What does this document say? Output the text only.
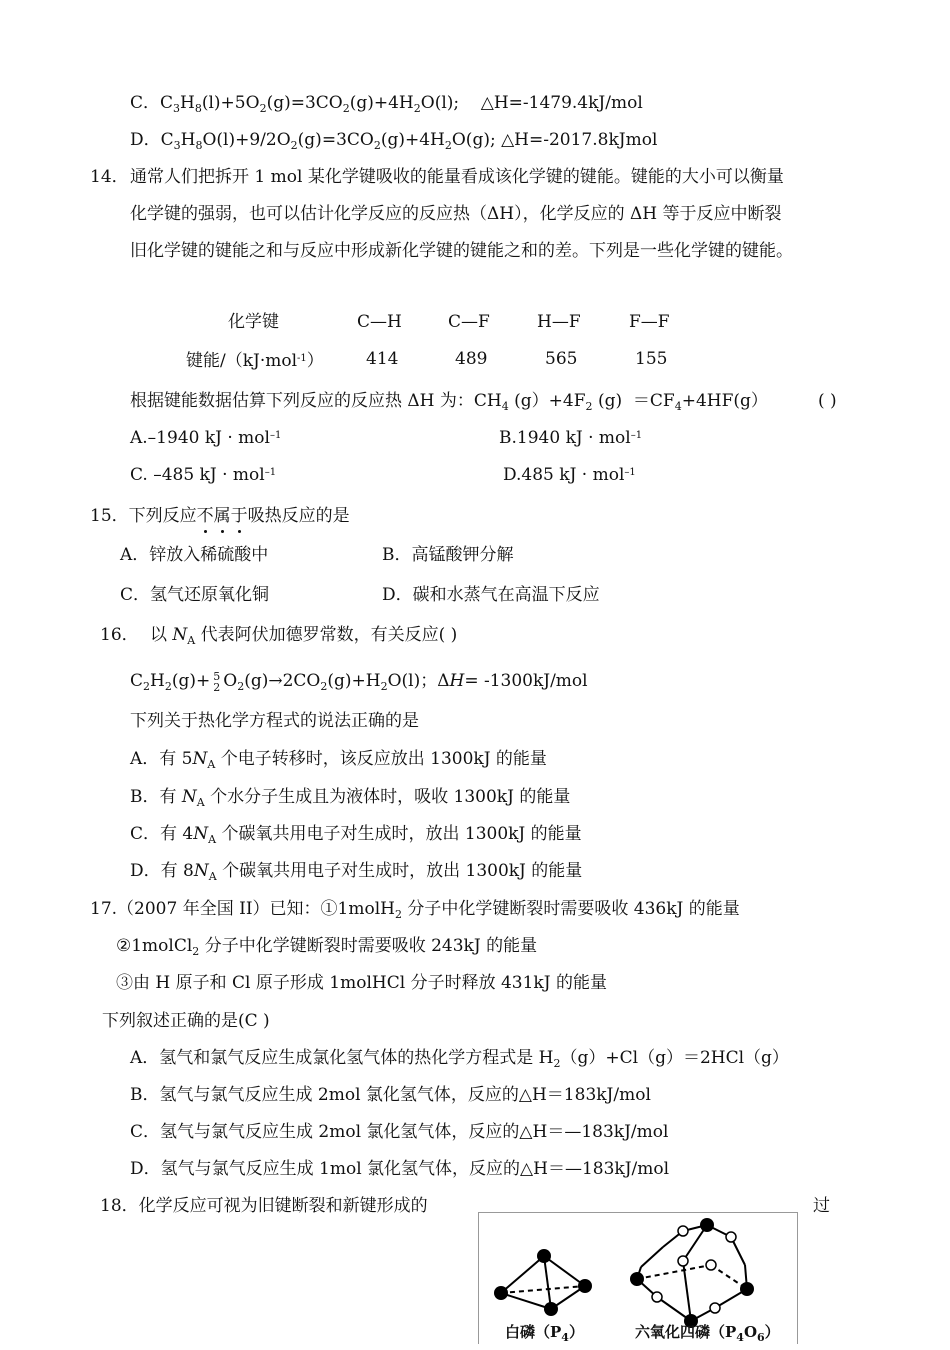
C．$C_3H_8(l)+5O_2(g)=3CO_2(g)+4H_2O(l)$;    △H=-1479.4kJ/mol
D．$C_3H_8O(l)+9/2O_2(g)=3CO_2(g)+4H_2O(g)$; △H=-2017.8kJmol
14． 通常人们把拆开 1 mol 某化学键吸收的能量看成该化学键的键能。键能的大小可以衡量
化学键的强弱，也可以估计化学反应的反应热（ΔH），化学反应的 ΔH 等于反应中断裂
旧化学键的键能之和与反应中形成新化学键的键能之和的差。下列是一些化学键的键能。
化学键	C—H	C—F	H—F	F—F
键能/（kJ·mol$^{-1}$） 414	489	565	155
根据键能数据估算下列反应的反应热 ΔH 为：$CH_4$ $(g)+4F_2$ $(g) =CF_4+4HF(g)$	( )
A.–1940 kJ · mol$^{-1}$	B.1940 kJ · mol$^{-1}$
C. –485 kJ · mol$^{-1}$	D.485 kJ · mol$^{-1}$
15．下列反应不属于吸热反应的是
A．锌放入稀硫酸中	B．高锰酸钾分解
C．氢气还原氧化铜	D．碳和水蒸气在高温下反应
16． 以 $N_A$ 代表阿伏加德罗常数，有关反应( )
$C_2H_2(g)+ 5$
2 $O_2(g)\to 2CO_2(g)+H_2O(l)$；ΔH= -1300kJ/mol
下列关于热化学方程式的说法正确的是
A．有 $5N_A$ 个电子转移时，该反应放出 1300kJ 的能量
B．有 $N_A$ 个水分子生成且为液体时，吸收 1300kJ 的能量
C．有 $4N_A$ 个碳氧共用电子对生成时，放出 1300kJ 的能量
D．有 $8N_A$ 个碳氧共用电子对生成时，放出 1300kJ 的能量
17.（2007 年全国 II）已知：①1molH$_2$ 分子中化学键断裂时需要吸收 436kJ 的能量
②1molCl$_2$ 分子中化学键断裂时需要吸收 243kJ 的能量
③由 H 原子和 Cl 原子形成 1molHCl 分子时释放 431kJ 的能量
下列叙述正确的是(C )
A．氢气和氯气反应生成氯化氢气体的热化学方程式是 $H_2(g)+Cl(g)=2HCl(g)$
B．氢气与氯气反应生成 2mol 氯化氢气体，反应的△H＝183kJ/mol
C．氢气与氯气反应生成 2mol 氯化氢气体，反应的△H＝—183kJ/mol
D．氢气与氯气反应生成 1mol 氯化氢气体，反应的△H＝—183kJ/mol
18．化学反应可视为旧键断裂和新键形成的	过
白磷$(P_4)$	六氧化四磷$(P_4O_6)$
